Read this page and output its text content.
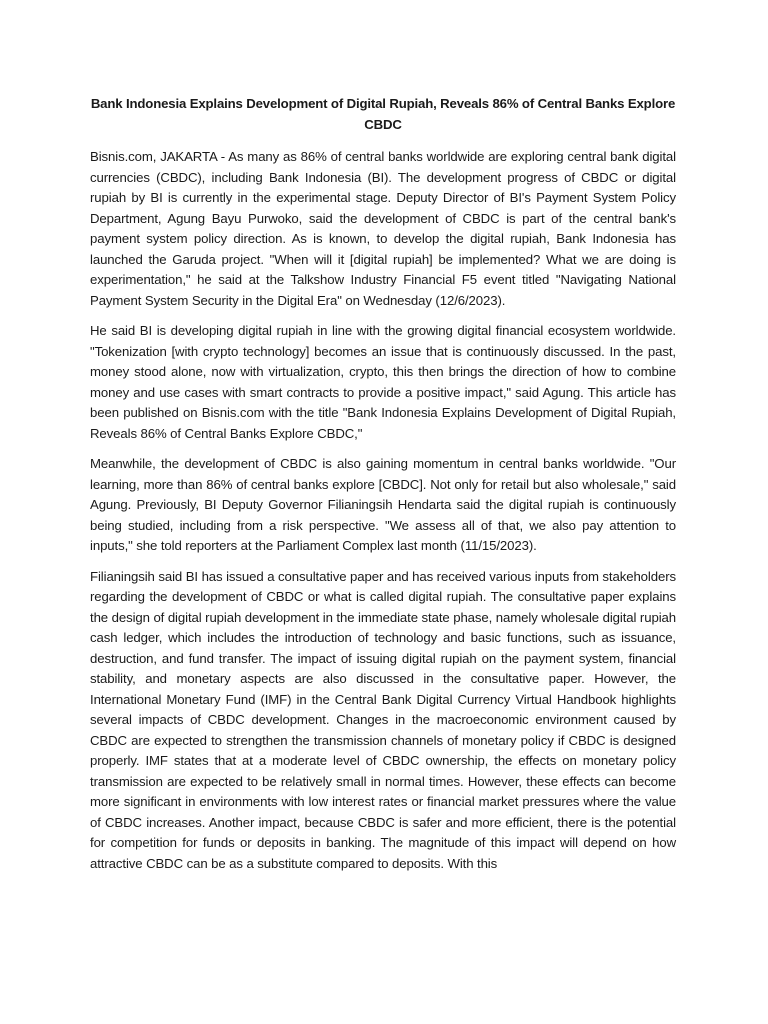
Bank Indonesia Explains Development of Digital Rupiah, Reveals 86% of Central Banks Explore CBDC

Bisnis.com, JAKARTA - As many as 86% of central banks worldwide are exploring central bank digital currencies (CBDC), including Bank Indonesia (BI). The development progress of CBDC or digital rupiah by BI is currently in the experimental stage. Deputy Director of BI's Payment System Policy Department, Agung Bayu Purwoko, said the development of CBDC is part of the central bank's payment system policy direction. As is known, to develop the digital rupiah, Bank Indonesia has launched the Garuda project. "When will it [digital rupiah] be implemented? What we are doing is experimentation," he said at the Talkshow Industry Financial F5 event titled "Navigating National Payment System Security in the Digital Era" on Wednesday (12/6/2023).

He said BI is developing digital rupiah in line with the growing digital financial ecosystem worldwide. "Tokenization [with crypto technology] becomes an issue that is continuously discussed. In the past, money stood alone, now with virtualization, crypto, this then brings the direction of how to combine money and use cases with smart contracts to provide a positive impact," said Agung. This article has been published on Bisnis.com with the title "Bank Indonesia Explains Development of Digital Rupiah, Reveals 86% of Central Banks Explore CBDC,"

Meanwhile, the development of CBDC is also gaining momentum in central banks worldwide. "Our learning, more than 86% of central banks explore [CBDC]. Not only for retail but also wholesale," said Agung. Previously, BI Deputy Governor Filianingsih Hendarta said the digital rupiah is continuously being studied, including from a risk perspective. "We assess all of that, we also pay attention to inputs," she told reporters at the Parliament Complex last month (11/15/2023).

Filianingsih said BI has issued a consultative paper and has received various inputs from stakeholders regarding the development of CBDC or what is called digital rupiah. The consultative paper explains the design of digital rupiah development in the immediate state phase, namely wholesale digital rupiah cash ledger, which includes the introduction of technology and basic functions, such as issuance, destruction, and fund transfer. The impact of issuing digital rupiah on the payment system, financial stability, and monetary aspects are also discussed in the consultative paper. However, the International Monetary Fund (IMF) in the Central Bank Digital Currency Virtual Handbook highlights several impacts of CBDC development. Changes in the macroeconomic environment caused by CBDC are expected to strengthen the transmission channels of monetary policy if CBDC is designed properly. IMF states that at a moderate level of CBDC ownership, the effects on monetary policy transmission are expected to be relatively small in normal times. However, these effects can become more significant in environments with low interest rates or financial market pressures where the value of CBDC increases. Another impact, because CBDC is safer and more efficient, there is the potential for competition for funds or deposits in banking. The magnitude of this impact will depend on how attractive CBDC can be as a substitute compared to deposits. With this
